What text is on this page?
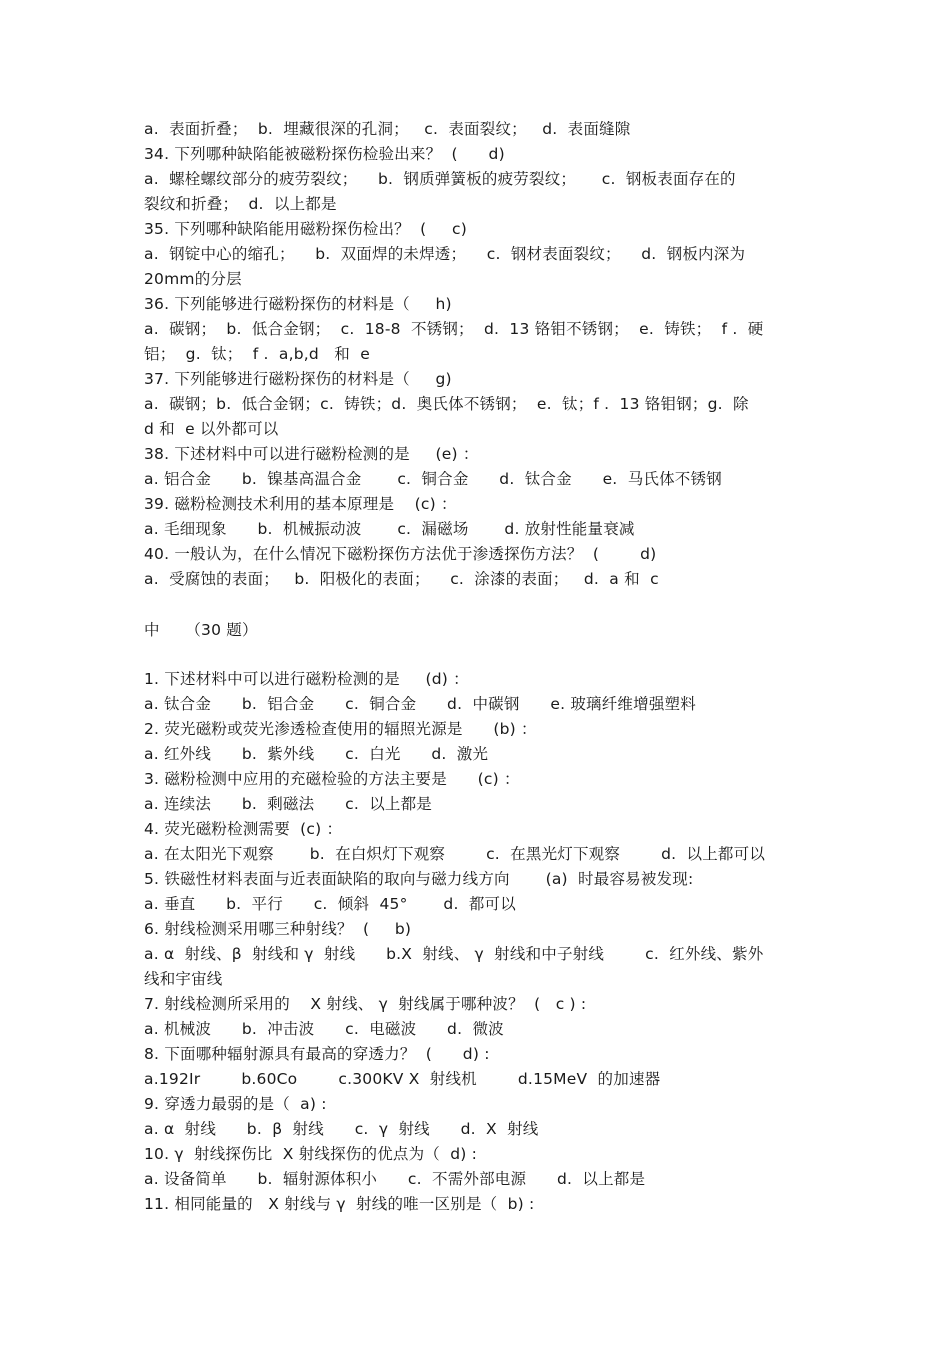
a.  表面折叠；  b.  埋藏很深的孔洞；   c.  表面裂纹；   d.  表面缝隙
34. 下列哪种缺陷能被磁粉探伤检验出来？  (      d)
a.  螺栓螺纹部分的疲劳裂纹；    b.  钢质弹簧板的疲劳裂纹；     c.  钢板表面存在的
裂纹和折叠；  d.  以上都是
35. 下列哪种缺陷能用磁粉探伤检出？  (     c)
a.  钢锭中心的缩孔；    b.  双面焊的未焊透；    c.  钢材表面裂纹；    d.  钢板内深为
20mm的分层
36. 下列能够进行磁粉探伤的材料是（     h)
a.  碳钢；  b.  低合金钢；  c.  18-8  不锈钢；  d.  13 铬钼不锈钢；  e.  铸铁；  f .  硬
铝；  g.  钛；  f .  a,b,d   和  e
37. 下列能够进行磁粉探伤的材料是（     g)
a.  碳钢；b.  低合金钢；c.  铸铁；d.  奥氏体不锈钢；  e.  钛；f .  13 铬钼钢；g.  除
d 和  e 以外都可以
38. 下述材料中可以进行磁粉检测的是     (e) ：
a. 铝合金      b.  镍基高温合金       c.  铜合金      d.  钛合金      e.  马氏体不锈钢
39. 磁粉检测技术利用的基本原理是    (c) ：
a. 毛细现象      b.  机械振动波       c.  漏磁场       d. 放射性能量衰减
40. 一般认为，在什么情况下磁粉探伤方法优于渗透探伤方法？  (        d)
a.  受腐蚀的表面；   b.  阳极化的表面；    c.  涂漆的表面；   d.  a 和  c
中     （30 题）
1. 下述材料中可以进行磁粉检测的是     (d) ：
a. 钛合金      b.  铝合金      c.  铜合金      d.  中碳钢      e. 玻璃纤维增强塑料
2. 荧光磁粉或荧光渗透检查使用的辐照光源是      (b) ：
a. 红外线      b.  紫外线      c.  白光      d.  激光
3. 磁粉检测中应用的充磁检验的方法主要是      (c) ：
a. 连续法      b.  剩磁法      c.  以上都是
4. 荧光磁粉检测需要  (c) ：
a. 在太阳光下观察       b.  在白炽灯下观察        c.  在黑光灯下观察        d.  以上都可以
5. 铁磁性材料表面与近表面缺陷的取向与磁力线方向       (a)  时最容易被发现:
a. 垂直      b.  平行      c.  倾斜  45°       d.  都可以
6. 射线检测采用哪三种射线？  (     b)
a. α  射线、β  射线和 γ  射线      b.X  射线、 γ  射线和中子射线        c.  红外线、紫外
线和宇宙线
7. 射线检测所采用的    X 射线、 γ  射线属于哪种波？  (   c ) :
a. 机械波      b.  冲击波      c.  电磁波      d.  微波
8. 下面哪种辐射源具有最高的穿透力？  (      d) :
a.192Ir        b.60Co        c.300KV X  射线机        d.15MeV  的加速器
9. 穿透力最弱的是（  a) :
a. α  射线      b.  β  射线      c.  γ  射线      d.  X  射线
10. γ  射线探伤比  X 射线探伤的优点为（  d) :
a. 设备简单      b.  辐射源体积小      c.  不需外部电源      d.  以上都是
11. 相同能量的   X 射线与 γ  射线的唯一区别是（  b) :
